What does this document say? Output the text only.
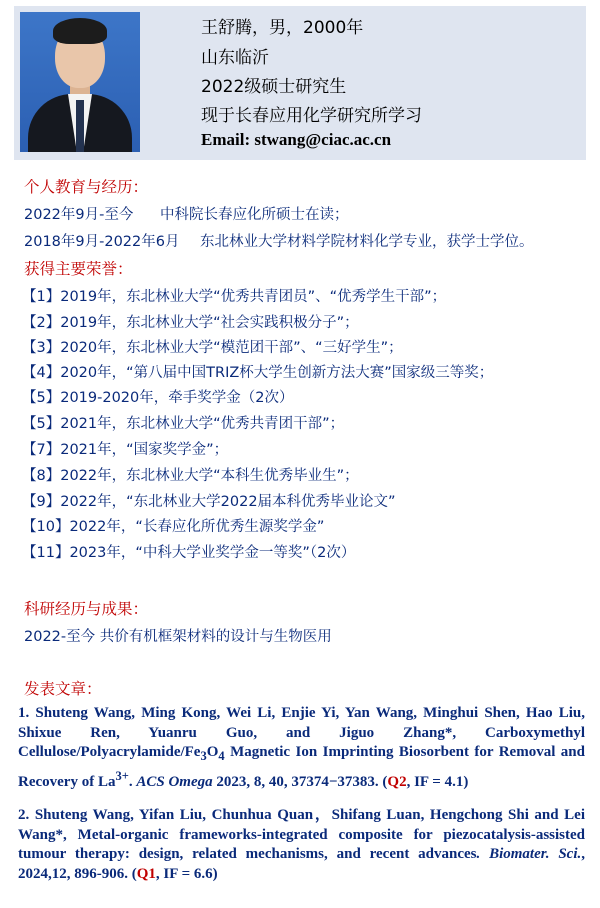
王舒腾，男，2000年
山东临沂
2022级硕士研究生
现于长春应用化学研究所学习
Email: stwang@ciac.ac.cn
个人教育与经历：
2022年9月-至今 中科院长春应化所硕士在读；
2018年9月-2022年6月 东北林业大学材料学院材料化学专业，获学士学位。
获得主要荣誉：
【1】2019年，东北林业大学“优秀共青团员”、“优秀学生干部”；
【2】2019年，东北林业大学“社会实践积极分子”；
【3】2020年，东北林业大学“模范团干部”、“三好学生”；
【4】2020年，“第八届中国TRIZ杯大学生创新方法大赛”国家级三等奖；
【5】2019-2020年，牵手奖学金（2次）
【5】2021年，东北林业大学“优秀共青团干部”；
【7】2021年，“国家奖学金”；
【8】2022年，东北林业大学“本科生优秀毕业生”；
【9】2022年，“东北林业大学2022届本科优秀毕业论文”
【10】2022年，“长春应化所优秀生源奖学金”
【11】2023年，“中科大学业奖学金一等奖”（2次）
科研经历与成果：
2022-至今 共价有机框架材料的设计与生物医用
发表文章：
1. Shuteng Wang, Ming Kong, Wei Li, Enjie Yi, Yan Wang, Minghui Shen, Hao Liu, Shixue Ren, Yuanru Guo, and Jiguo Zhang*, Carboxymethyl Cellulose/$Polyacrylamide/Fe_3O_4$ Magnetic Ion Imprinting Biosorbent for Removal and Recovery of $La^{3+}$. ACS Omega 2023, 8, 40, 37374−37383. (Q2, IF = 4.1)
2. Shuteng Wang, Yifan Liu, Chunhua Quan，Shifang Luan, Hengchong Shi and Lei Wang*, Metal-organic frameworks-integrated composite for piezocatalysis-assisted tumour therapy: design, related mechanisms, and recent advances. Biomater. Sci., 2024,12, 896-906. (Q1, IF = 6.6)
